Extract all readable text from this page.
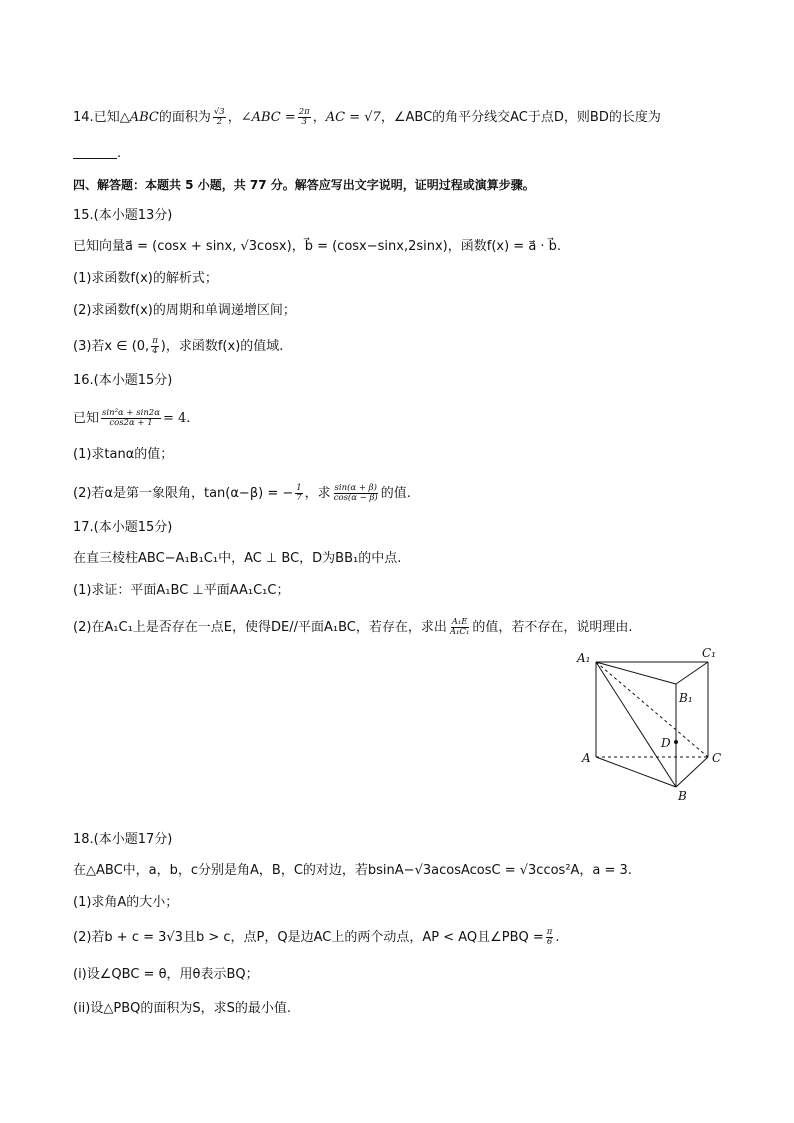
14.已知△ABC的面积为 $\frac{√3}{2}$ ，∠ABC = $\frac{2\pi}{3}$ ，AC = √7，∠ABC的角平分线交AC于点D，则BD的长度为
.
四、解答题：本题共 5 小题，共 77 分。解答应写出文字说明，证明过程或演算步骤。
15.(本小题13分)
已知向量a⃗ = (cosx + sinx, √3cosx)，b⃗ = (cosx−sinx,2sinx)，函数f(x) = a⃗ · b⃗.
(1)求函数f(x)的解析式；
(2)求函数f(x)的周期和单调递增区间；
(3)若x ∈ (0, $\frac{\pi}{4}$ )，求函数f(x)的值域.
16.(本小题15分)
已知 $\frac{\text{sin²α + sin2α}}{\cos 2\alpha + 1} = 4$.
(1)求tanα的值；
(2)若α是第一象限角，tan(α−β) = − $\frac{1}{7}$ ，求 $\frac{\sin(\alpha + \beta)}{\cos(\alpha - \beta)}$ 的值.
17.(本小题15分)
在直三棱柱ABC−A₁B₁C₁中，AC ⊥ BC，D为BB₁的中点.
(1)求证：平面A₁BC ⊥平面AA₁C₁C；
(2)在A₁C₁上是否存在一点E，使得DE//平面A₁BC，若存在，求出 $\frac{\text{A₁E}}{\text{A₁C₁}}$ 的值，若不存在，说明理由.
A₁	C₁
B₁
D
A	C
B
18.(本小题17分)
在△ABC中，a，b，c分别是角A，B，C的对边，若bsinA−√3acosAcosC = √3ccos²A，a = 3.
(1)求角A的大小；
(2)若b + c = 3√3且b > c，点P，Q是边AC上的两个动点，AP < AQ且∠PBQ = $\frac{\pi}{6}$ .
(i)设∠QBC = θ，用θ表示BQ；
(ii)设△PBQ的面积为S，求S的最小值.
